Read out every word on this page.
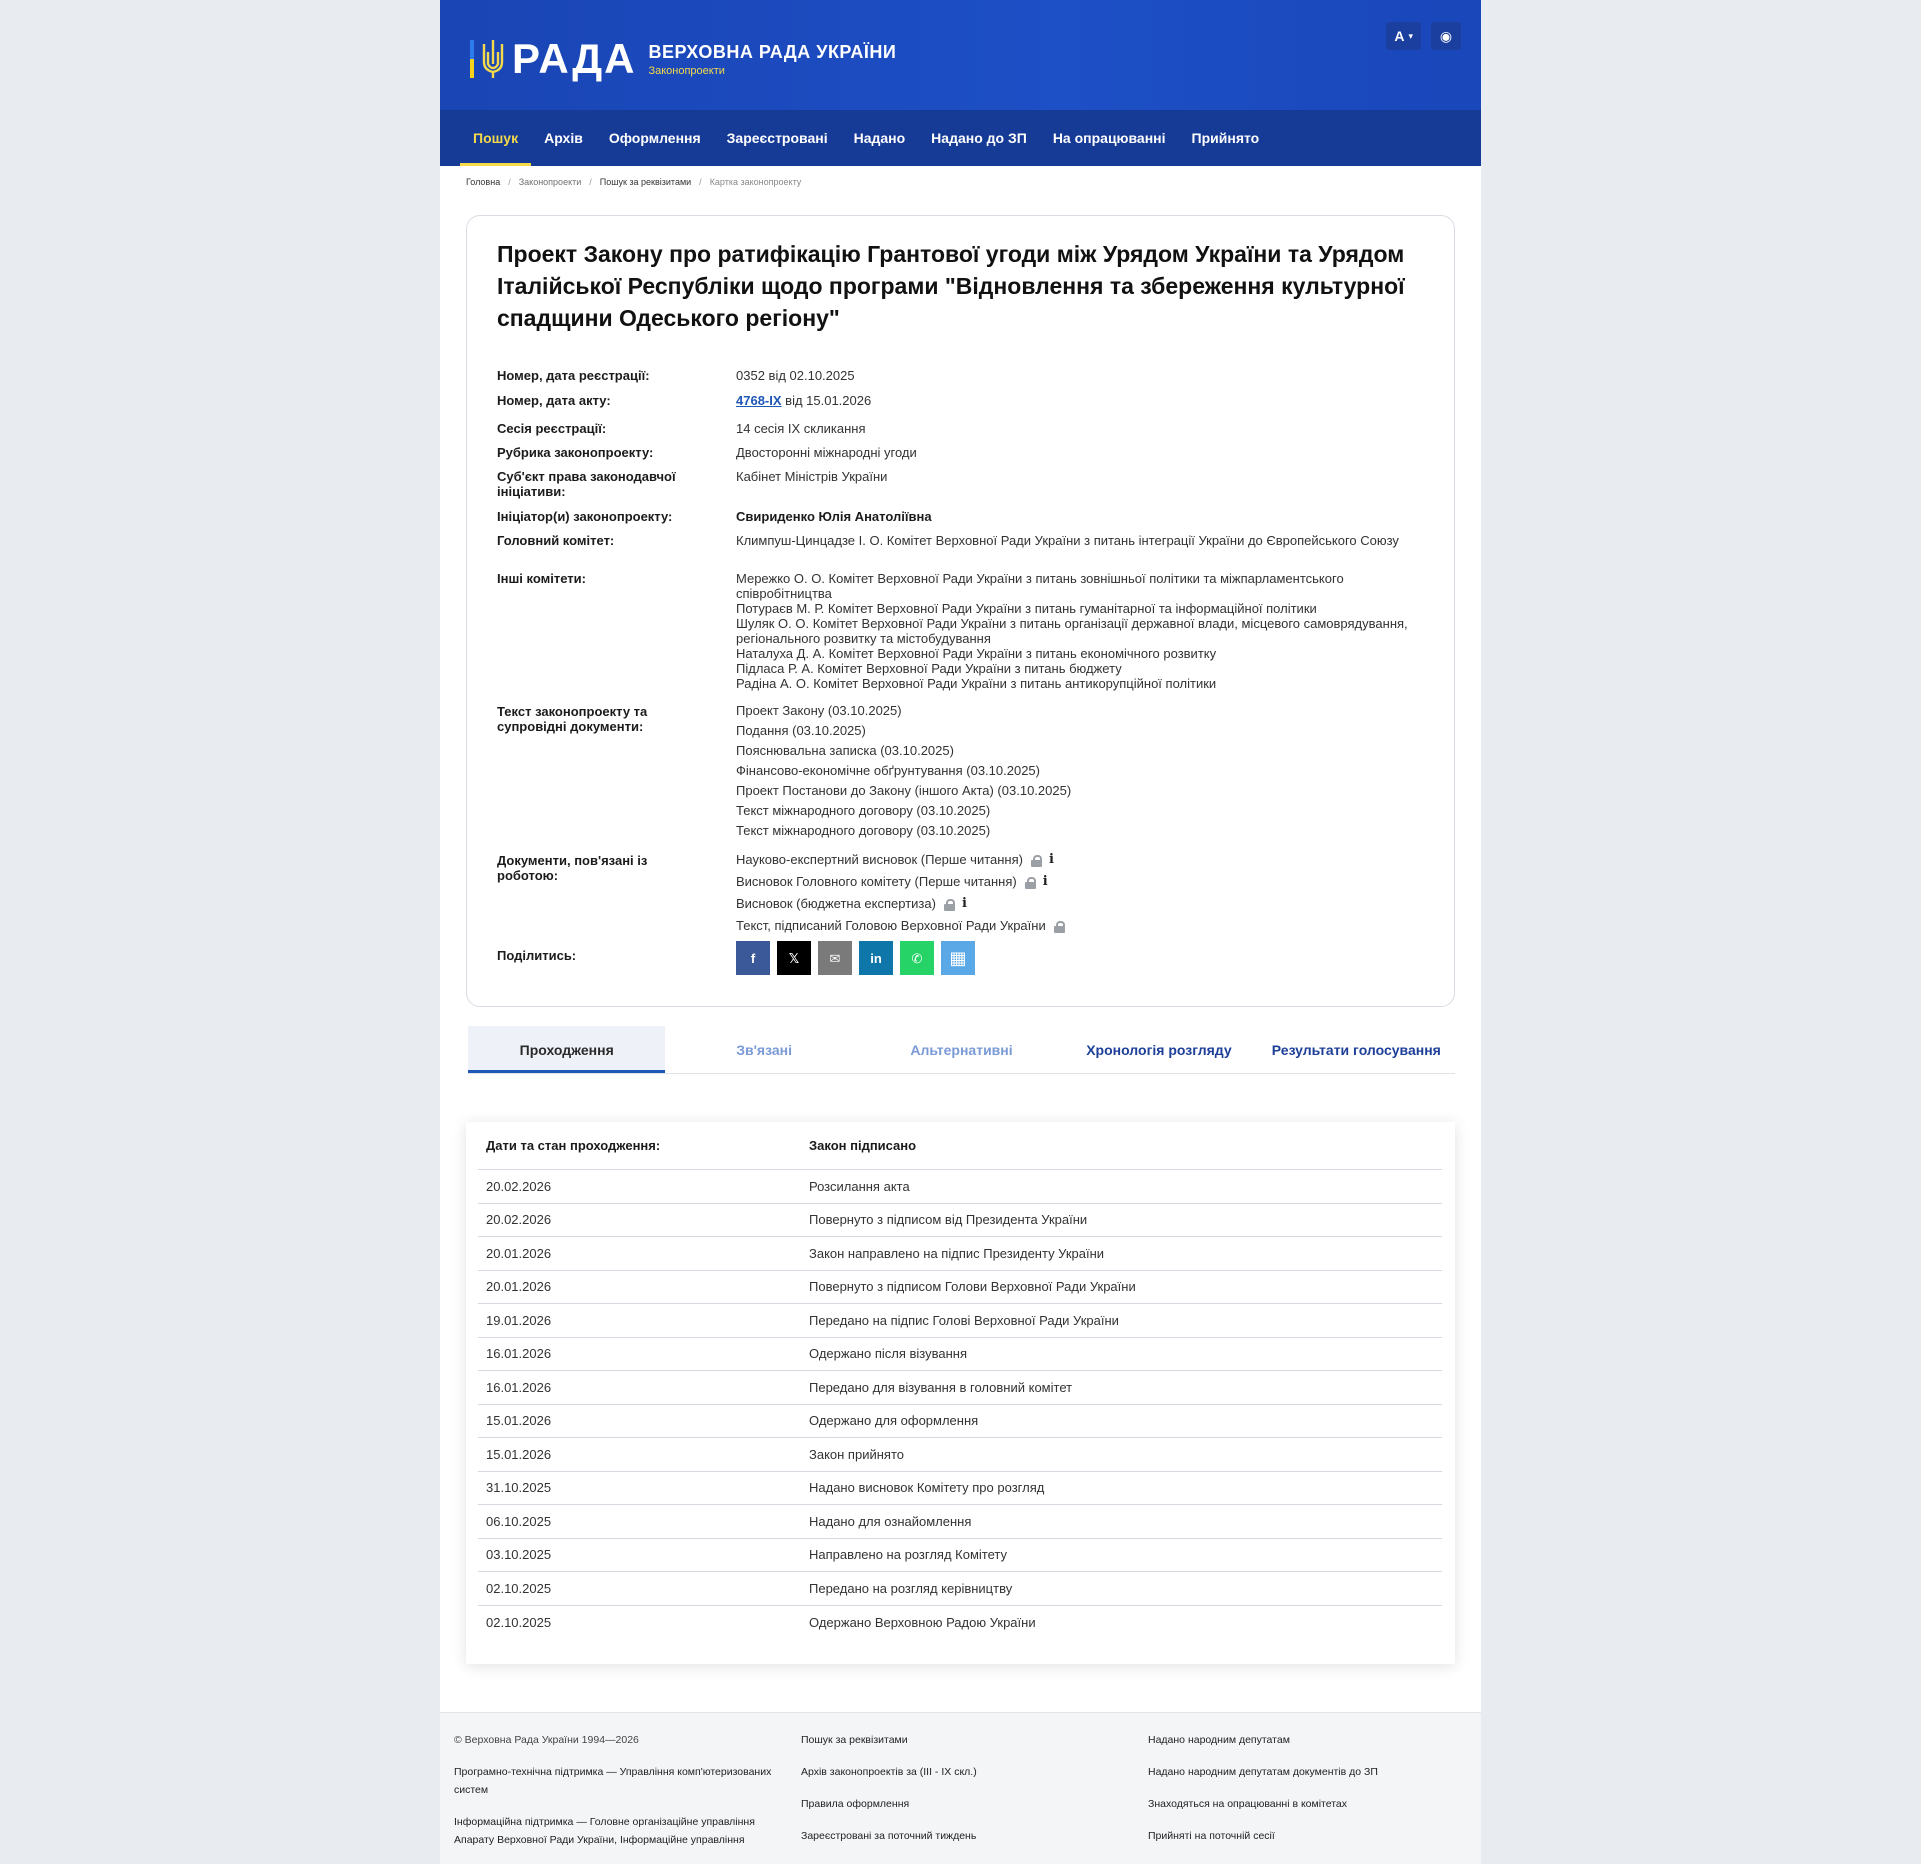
РАДА ВЕРХОВНА РАДА УКРАЇНИ
Законопроекти
A ▾ ◉
Пошук	Архів	Оформлення	Зареєстровані	Надано	Надано до ЗП	На опрацюванні	Прийнято
Головна / Законопроекти / Пошук за реквізитами / Картка законопроекту
Проект Закону про ратифікацію Грантової угоди між Урядом України та Урядом Італійської Республіки щодо програми "Відновлення та збереження культурної спадщини Одеського регіону"
Номер, дата реєстрації:	0352 від 02.10.2025
Номер, дата акту:	4768-IX від 15.01.2026
Сесія реєстрації:	14 сесія IX скликання
Рубрика законопроекту:	Двосторонні міжнародні угоди
Суб'єкт права законодавчої ініціативи:
Кабінет Міністрів України
Ініціатор(и) законопроекту:	Свириденко Юлія Анатоліївна
Головний комітет:	Климпуш-Цинцадзе І. О. Комітет Верховної Ради України з питань інтеграції України до Європейського Союзу
Інші комітети:	Мережко О. О. Комітет Верховної Ради України з питань зовнішньої політики та міжпарламентського співробітництва
Потураєв М. Р. Комітет Верховної Ради України з питань гуманітарної та інформаційної політики
Шуляк О. О. Комітет Верховної Ради України з питань організації державної влади, місцевого самоврядування, регіонального розвитку та містобудування
Наталуха Д. А. Комітет Верховної Ради України з питань економічного розвитку
Підласа Р. А. Комітет Верховної Ради України з питань бюджету
Радіна А. О. Комітет Верховної Ради України з питань антикорупційної політики
Текст законопроекту та супровідні документи:
Проект Закону (03.10.2025)
Подання (03.10.2025)
Пояснювальна записка (03.10.2025)
Фінансово-економічне обґрунтування (03.10.2025)
Проект Постанови до Закону (іншого Акта) (03.10.2025)
Текст міжнародного договору (03.10.2025)
Текст міжнародного договору (03.10.2025)
Документи, пов'язані із роботою:
Науково-експертний висновок (Перше читання) i
Висновок Головного комітету (Перше читання) i
Висновок (бюджетна експертиза) i
Текст, підписаний Головою Верховної Ради України
Поділитись:	f	𝕏 ✉ in ✆ ▦
Проходження	Зв'язані	Альтернативні	Хронологія розгляду	Результати голосування
Дати та стан проходження:	Закон підписано
20.02.2026	Розсилання акта
20.02.2026	Повернуто з підписом від Президента України
20.01.2026	Закон направлено на підпис Президенту України
20.01.2026	Повернуто з підписом Голови Верховної Ради України
19.01.2026	Передано на підпис Голові Верховної Ради України
16.01.2026	Одержано після візування
16.01.2026	Передано для візування в головний комітет
15.01.2026	Одержано для оформлення
15.01.2026	Закон прийнято
31.10.2025	Надано висновок Комітету про розгляд
06.10.2025	Надано для ознайомлення
03.10.2025	Направлено на розгляд Комітету
02.10.2025	Передано на розгляд керівництву
02.10.2025	Одержано Верховною Радою України
© Верховна Рада України 1994—2026
Програмно-технічна підтримка — Управління комп'ютеризованих систем
Інформаційна підтримка — Головне організаційне управління Апарату Верховної Ради України, Інформаційне управління
Пошук за реквізитами
Архів законопроектів за (III - IX скл.)
Правила оформлення
Зареєстровані за поточний тиждень
Надано народним депутатам
Надано народним депутатам документів до ЗП
Знаходяться на опрацюванні в комітетах
Прийняті на поточній сесії
